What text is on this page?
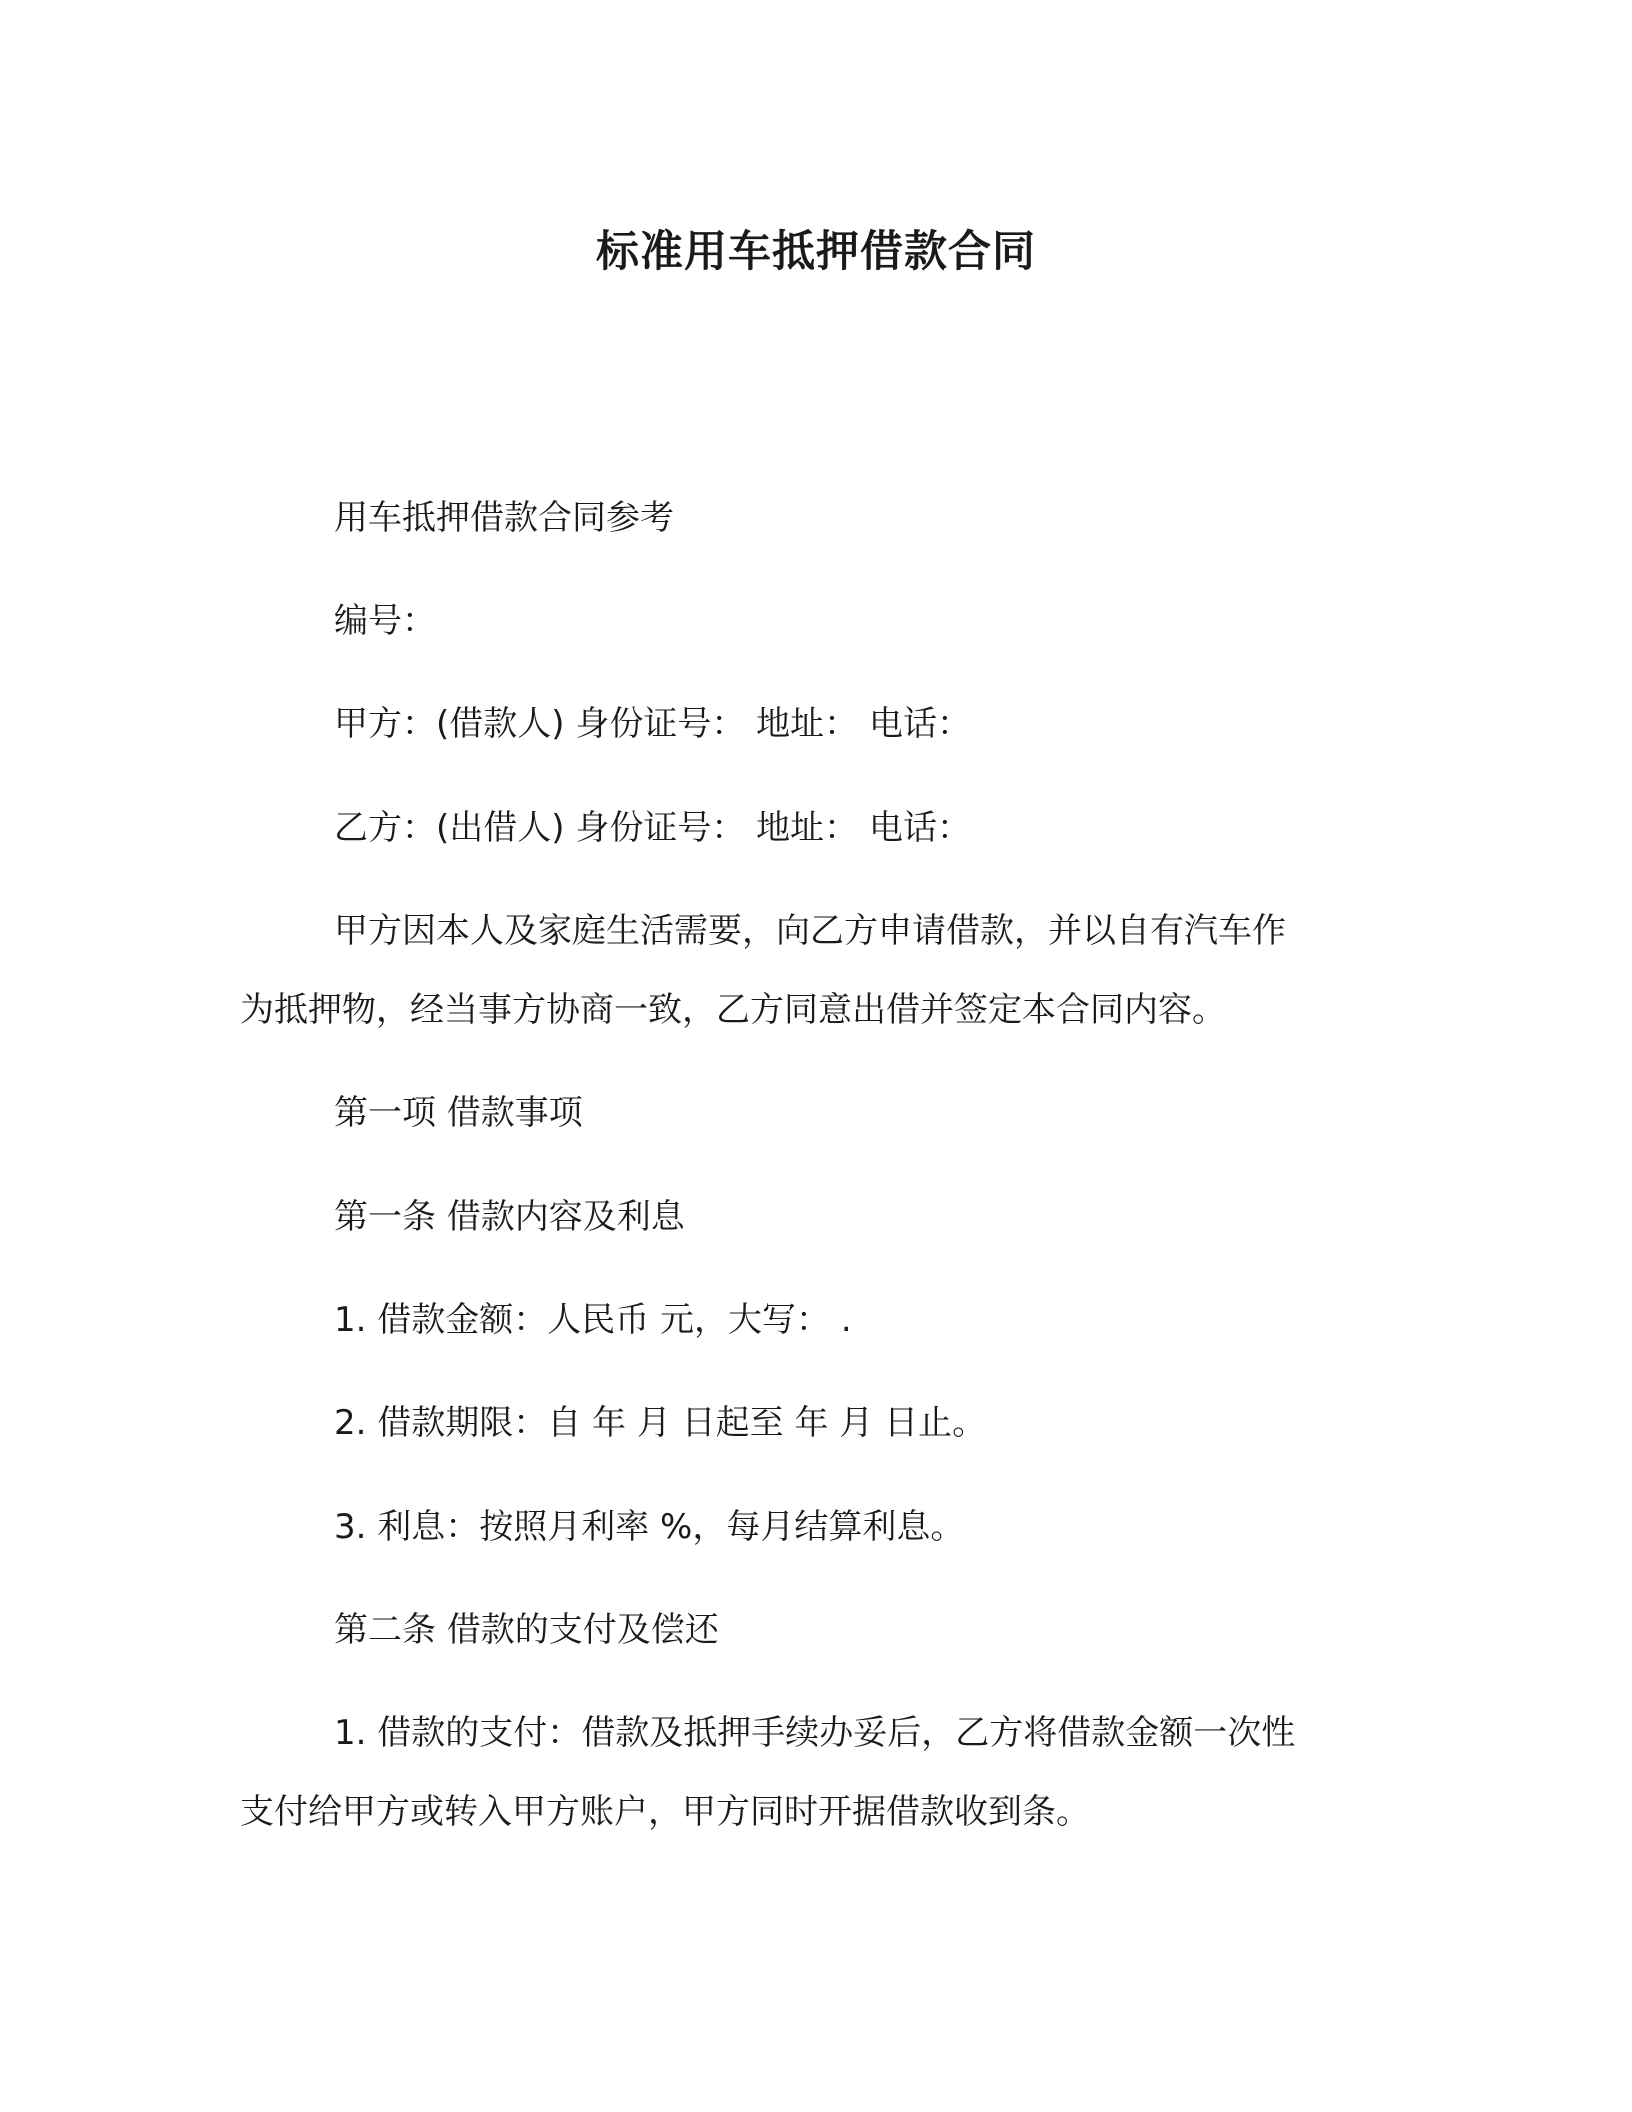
标准用车抵押借款合同
用车抵押借款合同参考
编号：
甲方：(借款人) 身份证号： 地址： 电话：
乙方：(出借人) 身份证号： 地址： 电话：
甲方因本人及家庭生活需要，向乙方申请借款，并以自有汽车作
为抵押物，经当事方协商一致，乙方同意出借并签定本合同内容。
第一项 借款事项
第一条 借款内容及利息
1. 借款金额：人民币 元，大写： .
2. 借款期限：自 年 月 日起至 年 月 日止。
3. 利息：按照月利率 %，每月结算利息。
第二条 借款的支付及偿还
1. 借款的支付：借款及抵押手续办妥后，乙方将借款金额一次性
支付给甲方或转入甲方账户，甲方同时开据借款收到条。
